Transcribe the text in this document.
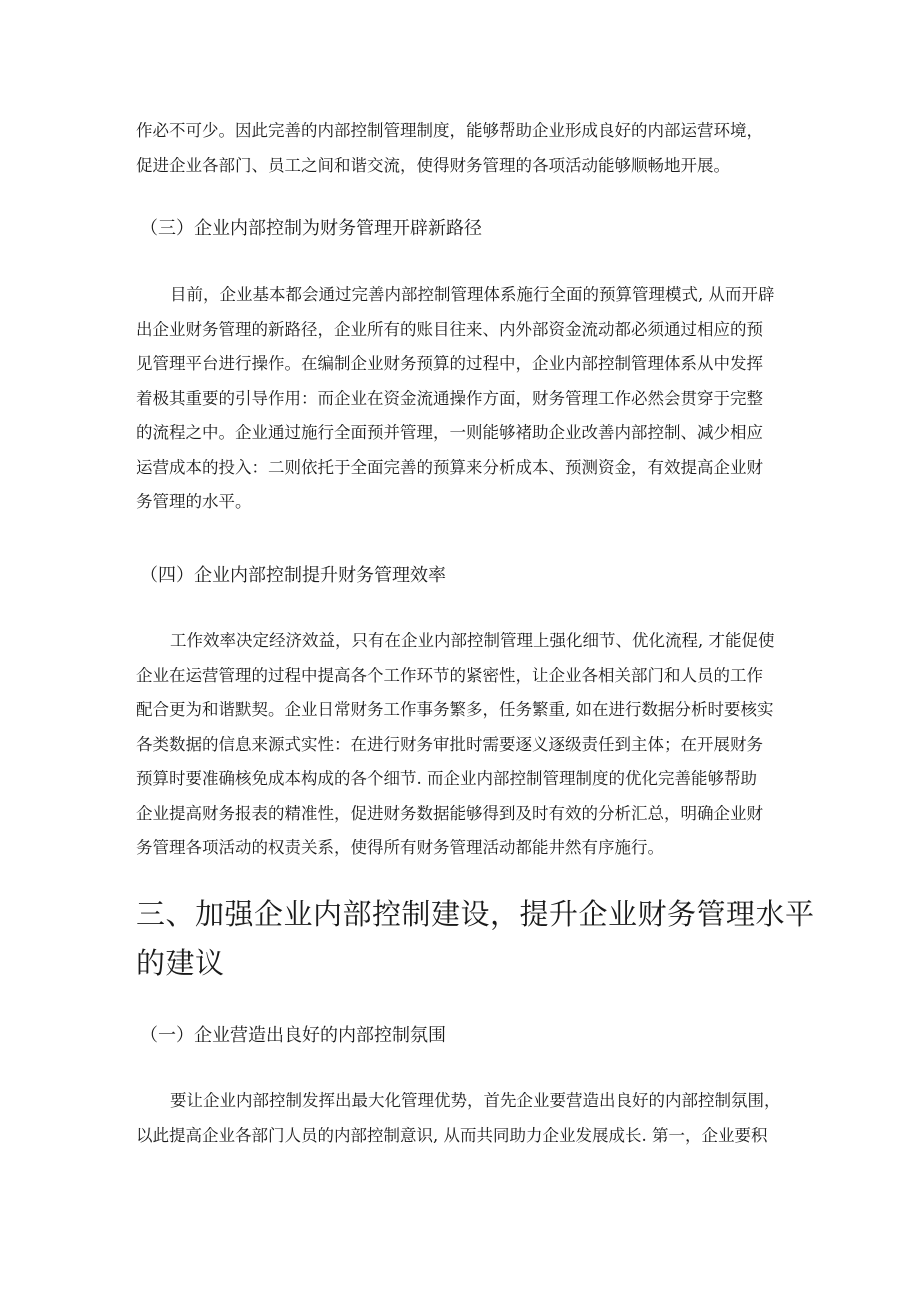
作必不可少。因此完善的内部控制管理制度，能够帮助企业形成良好的内部运营环境，
促进企业各部门、员工之间和谐交流，使得财务管理的各项活动能够顺畅地开展。

（三）企业内部控制为财务管理开辟新路径

目前，企业基本都会通过完善内部控制管理体系施行全面的预算管理模式, 从而开辟
出企业财务管理的新路径，企业所有的账目往来、内外部资金流动都必须通过相应的预
见管理平台进行操作。在编制企业财务预算的过程中，企业内部控制管理体系从中发挥
着极其重要的引导作用：而企业在资金流通操作方面，财务管理工作必然会贯穿于完整
的流程之中。企业通过施行全面预并管理，一则能够褚助企业改善内部控制、减少相应
运营成本的投入：二则依托于全面完善的预算来分析成本、预测资金，有效提高企业财
务管理的水平。

（四）企业内部控制提升财务管理效率

工作效率决定经济效益，只有在企业内部控制管理上强化细节、优化流程, 才能促使
企业在运营管理的过程中提高各个工作环节的紧密性，让企业各相关部门和人员的工作
配合更为和谐默契。企业日常财务工作事务繁多，任务繁重, 如在进行数据分析时要核实
各类数据的信息来源式实性：在进行财务审批时需要逐义逐级责任到主体；在开展财务
预算时要准确核免成本构成的各个细节. 而企业内部控制管理制度的优化完善能够帮助
企业提高财务报表的精准性，促进财务数据能够得到及时有效的分析汇总，明确企业财
务管理各项活动的权责关系，使得所有财务管理活动都能井然有序施行。

三、加强企业内部控制建设，提升企业财务管理水平
的建议
（一）企业营造出良好的内部控制氛围

要让企业内部控制发挥出最大化管理优势，首先企业要营造出良好的内部控制氛围，
以此提高企业各部门人员的内部控制意识, 从而共同助力企业发展成长. 第一，企业要积
